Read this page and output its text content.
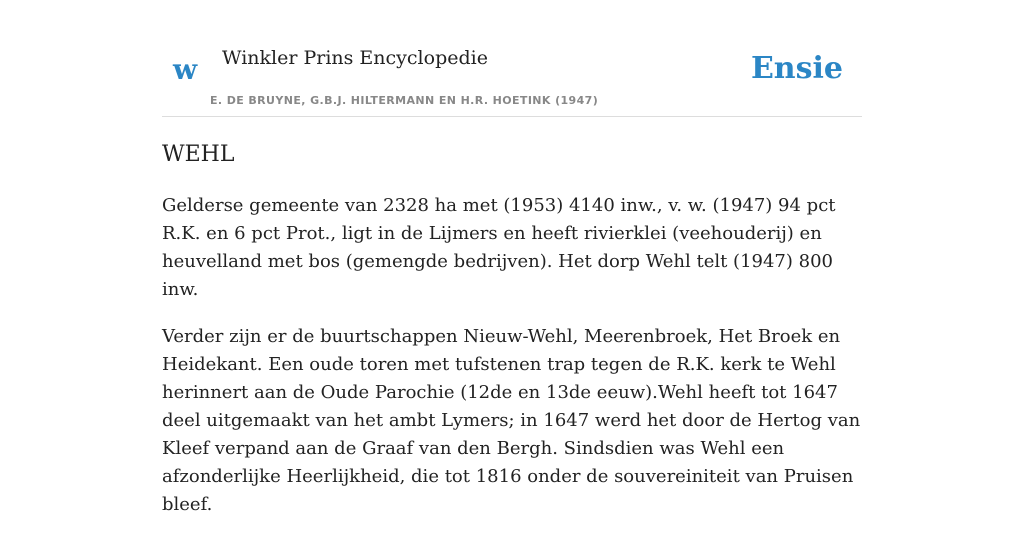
w Winkler Prins Encyclopedie
E. DE BRUYNE, G.B.J. HILTERMANN EN H.R. HOETINK (1947)
Ensie
WEHL

Gelderse gemeente van 2328 ha met (1953) 4140 inw., v. w. (1947) 94 pct R.K. en 6 pct Prot., ligt in de Lijmers en heeft rivierklei (veehouderij) en heuvelland met bos (gemengde bedrijven). Het dorp Wehl telt (1947) 800 inw.

Verder zijn er de buurtschappen Nieuw-Wehl, Meerenbroek, Het Broek en Heidekant. Een oude toren met tufstenen trap tegen de R.K. kerk te Wehl herinnert aan de Oude Parochie (12de en 13de eeuw).Wehl heeft tot 1647 deel uitgemaakt van het ambt Lymers; in 1647 werd het door de Hertog van Kleef verpand aan de Graaf van den Bergh. Sindsdien was Wehl een afzonderlijke Heerlijkheid, die tot 1816 onder de souvereiniteit van Pruisen bleef.
